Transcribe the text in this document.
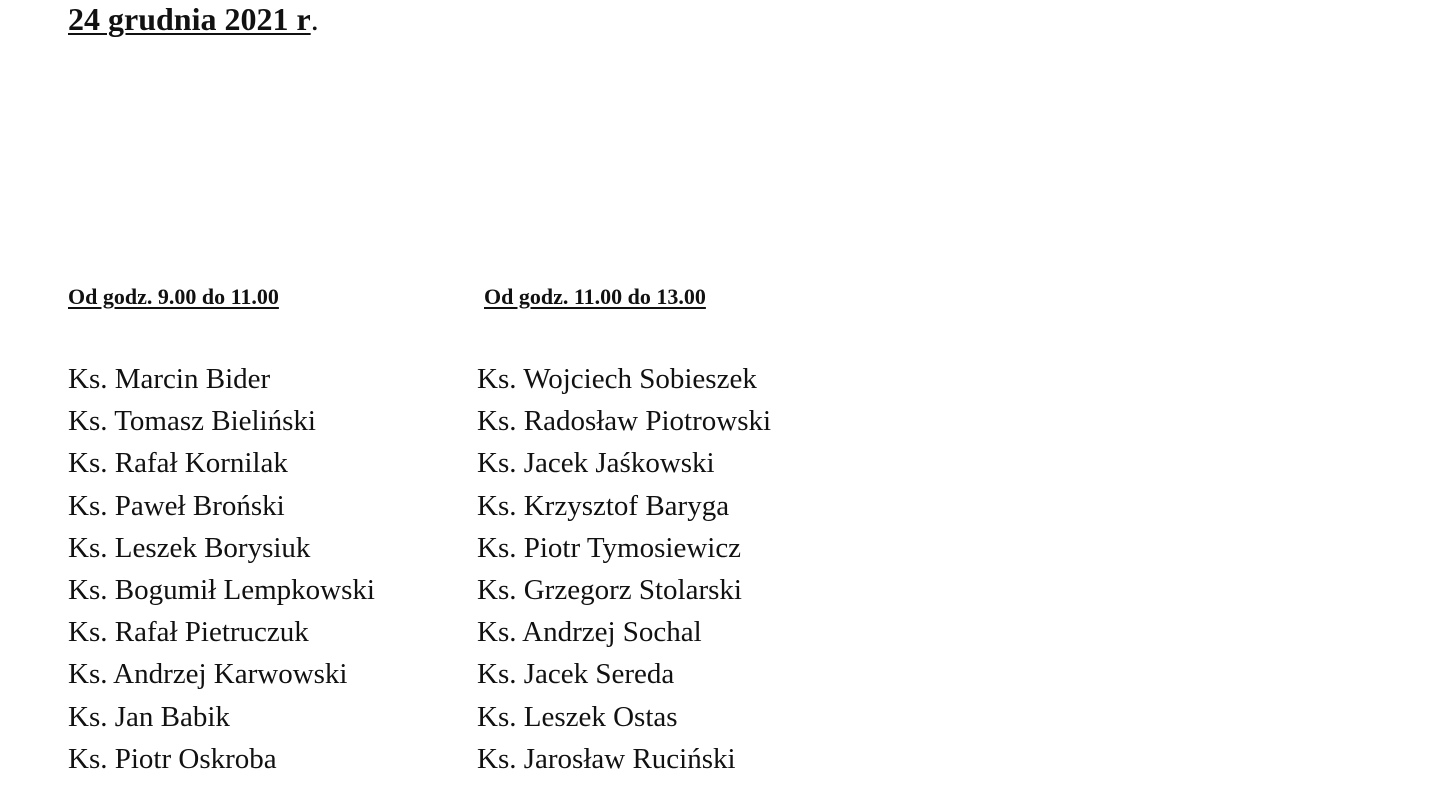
24 grudnia 2021 r.
Od godz. 9.00 do 11.00
Ks. Marcin Bider
Ks. Tomasz Bieliński
Ks. Rafał Kornilak
Ks. Paweł Broński
Ks. Leszek Borysiuk
Ks. Bogumił Lempkowski
Ks. Rafał Pietruczuk
Ks. Andrzej Karwowski
Ks. Jan Babik
Ks. Piotr Oskroba
Od godz. 11.00 do 13.00
Ks. Wojciech Sobieszek
Ks. Radosław Piotrowski
Ks. Jacek Jaśkowski
Ks. Krzysztof Baryga
Ks. Piotr Tymosiewicz
Ks. Grzegorz Stolarski
Ks. Andrzej Sochal
Ks. Jacek Sereda
Ks. Leszek Ostas
Ks. Jarosław Ruciński
